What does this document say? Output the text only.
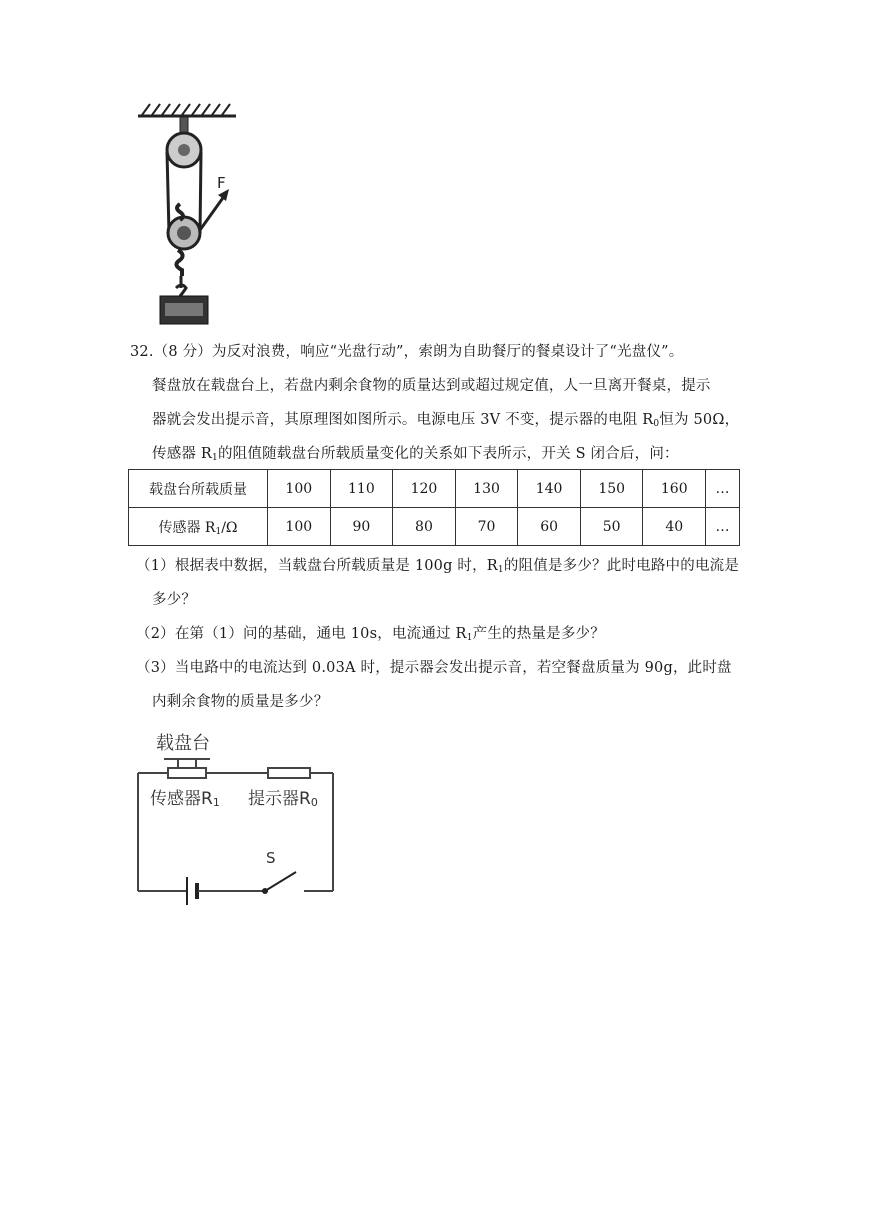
F
32.（8 分）为反对浪费，响应“光盘行动”，索朗为自助餐厅的餐桌设计了“光盘仪”。
餐盘放在载盘台上，若盘内剩余食物的质量达到或超过规定值，人一旦离开餐桌，提示
器就会发出提示音，其原理图如图所示。电源电压 3V 不变，提示器的电阻 $R_0$恒为 50Ω，
传感器 $R_1$的阻值随载盘台所载质量变化的关系如下表所示，开关 S 闭合后，问：
载盘台所载质量	100	110	120	130	140	150	160	…
传感器 $R_1/\Omega$	100	90	80	70	60	50	40	…
（1）根据表中数据，当载盘台所载质量是 100g 时，$R_1$的阻值是多少？此时电路中的电流是
多少？
（2）在第（1）问的基础，通电 10s，电流通过 $R_1$产生的热量是多少？
（3）当电路中的电流达到 0.03A 时，提示器会发出提示音，若空餐盘质量为 90g，此时盘
内剩余食物的质量是多少？
载盘台
传感器$R_1$ 提示器$R_0$
S
